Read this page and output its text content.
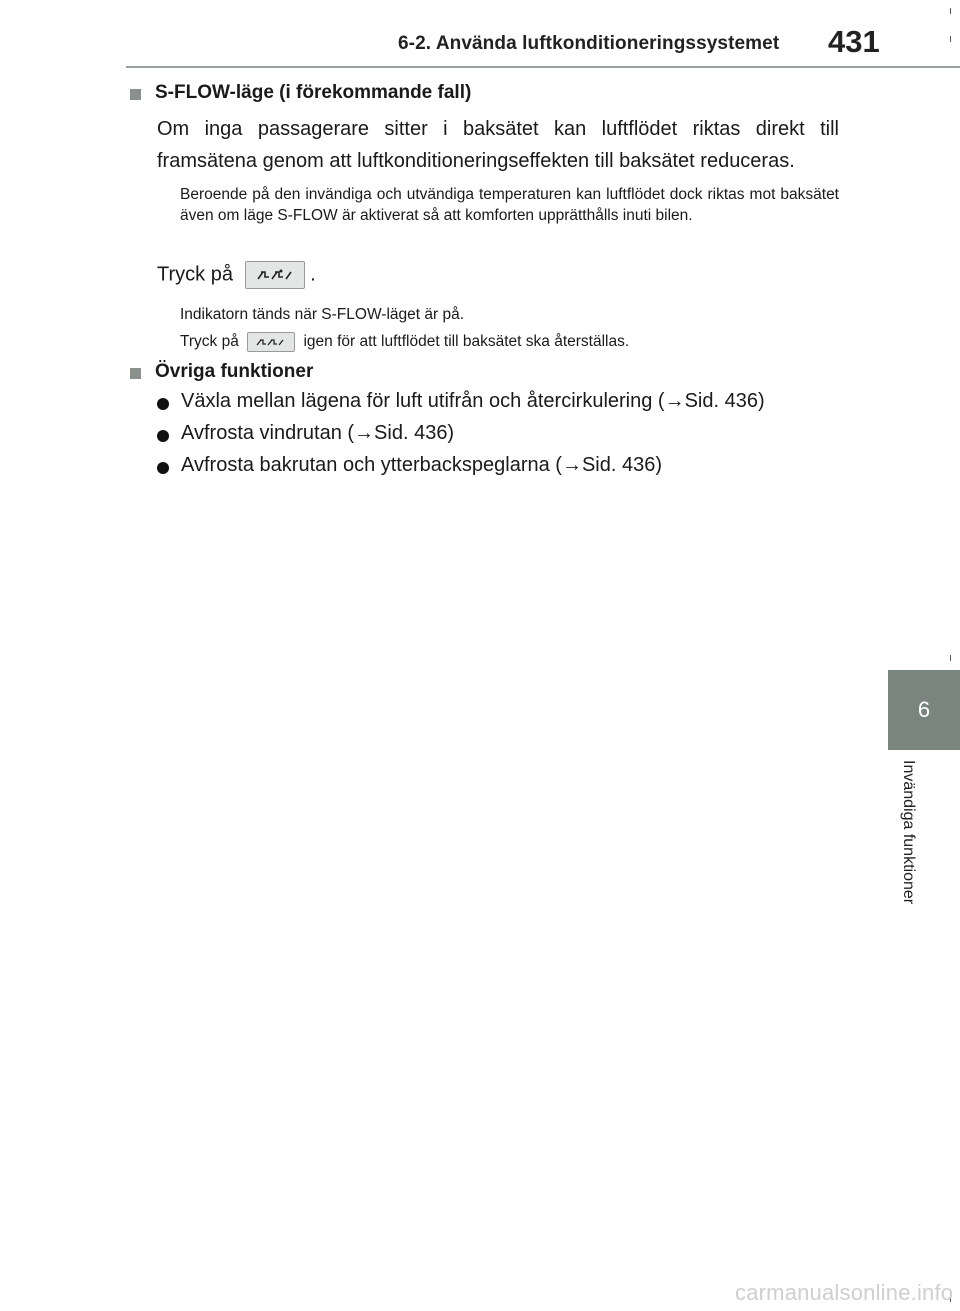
6-2. Använda luftkonditioneringssystemet 431
6
Invändiga funktioner
S-FLOW-läge (i förekommande fall)
Om inga passagerare sitter i baksätet kan luftflödet riktas direkt till framsätena genom att luftkonditioneringseffekten till baksätet reduceras.
Beroende på den invändiga och utvändiga temperaturen kan luftflödet dock riktas mot baksätet även om läge S-FLOW är aktiverat så att komforten upprätthålls inuti bilen.
Tryck på	.
Indikatorn tänds när S-FLOW-läget är på.
Tryck på	igen för att luftflödet till baksätet ska återställas.
Övriga funktioner
Växla mellan lägena för luft utifrån och återcirkulering (→Sid. 436)
Avfrosta vindrutan (→Sid. 436)
Avfrosta bakrutan och ytterbackspeglarna (→Sid. 436)
carmanualsonline.info
